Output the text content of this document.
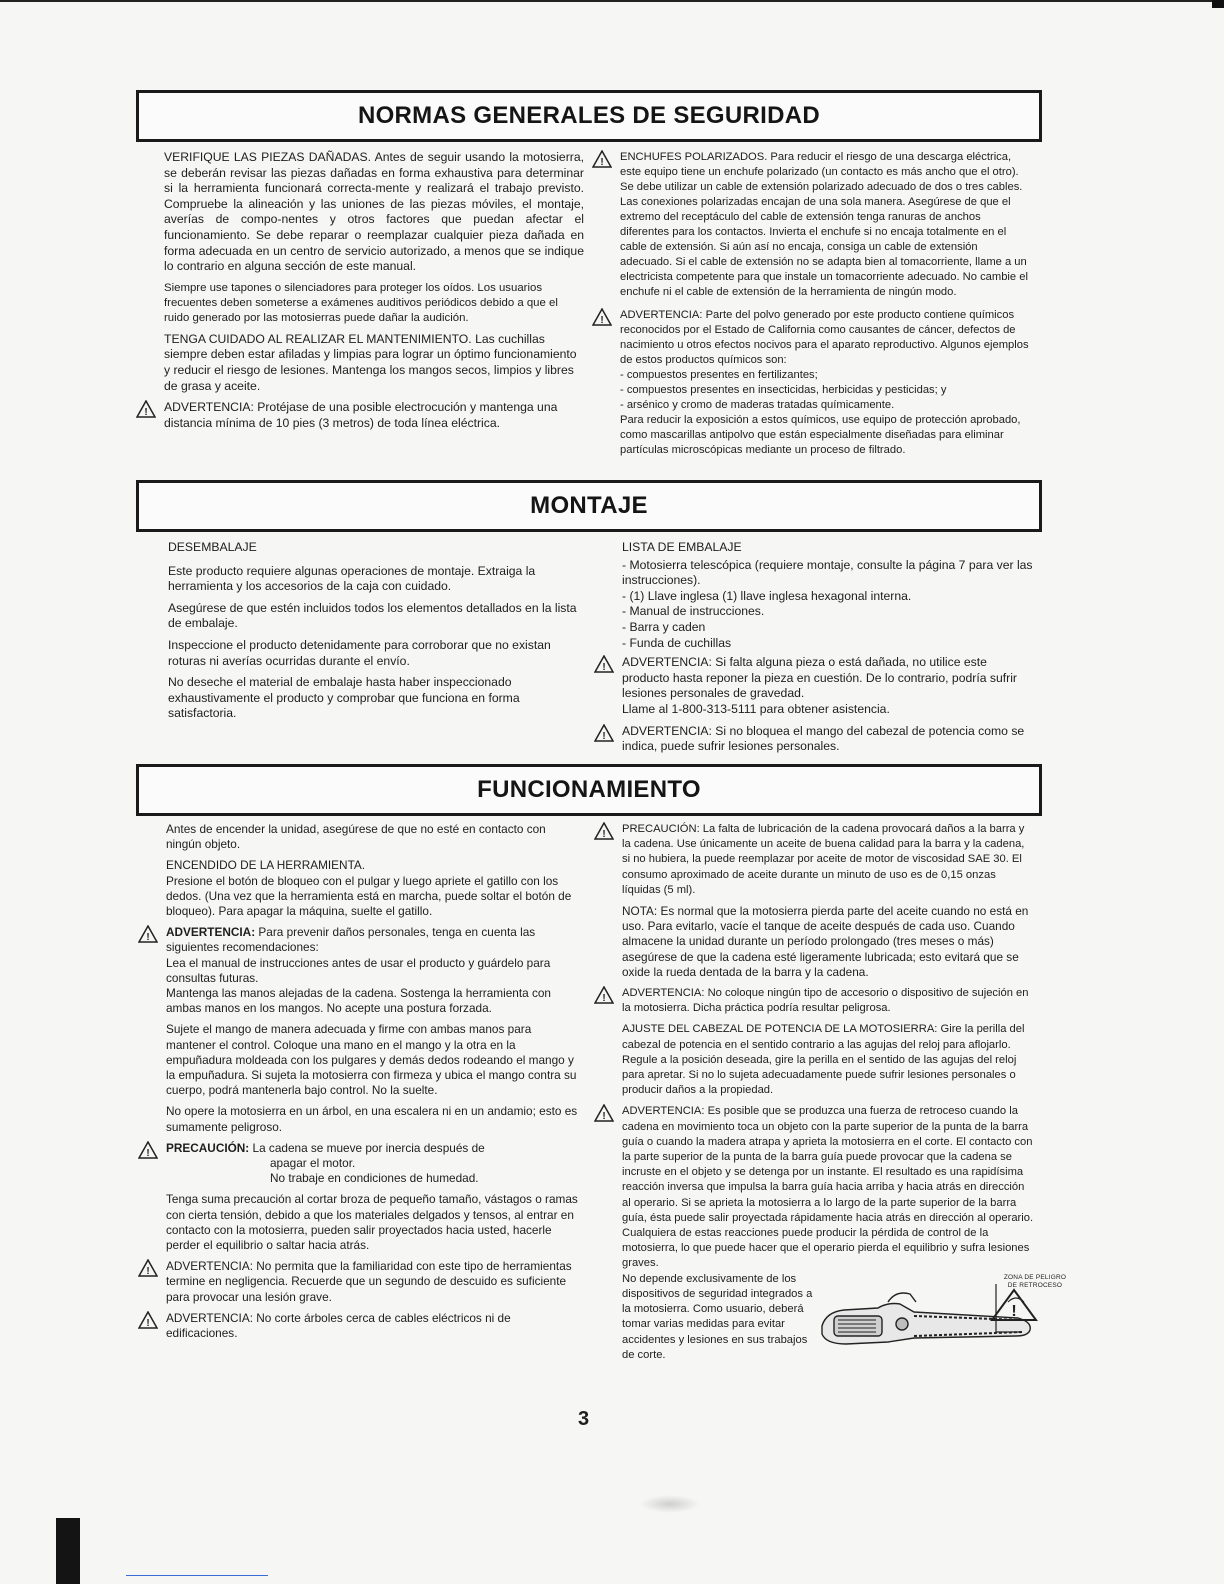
NORMAS GENERALES DE SEGURIDAD

VERIFIQUE LAS PIEZAS DAÑADAS. Antes de seguir usando la motosierra, se deberán revisar las piezas dañadas en forma exhaustiva para determinar si la herramienta funcionará correcta-mente y realizará el trabajo previsto. Compruebe la alineación y las uniones de las piezas móviles, el montaje, averías de compo-nentes y otros factores que puedan afectar el funcionamiento. Se debe reparar o reemplazar cualquier pieza dañada en forma adecuada en un centro de servicio autorizado, a menos que se indique lo contrario en alguna sección de este manual.

Siempre use tapones o silenciadores para proteger los oídos. Los usuarios frecuentes deben someterse a exámenes auditivos periódicos debido a que el ruido generado por las motosierras puede dañar la audición.

TENGA CUIDADO AL REALIZAR EL MANTENIMIENTO. Las cuchillas siempre deben estar afiladas y limpias para lograr un óptimo funcionamiento y reducir el riesgo de lesiones. Mantenga los mangos secos, limpios y libres de grasa y aceite.

! ADVERTENCIA: Protéjase de una posible electrocución y mantenga una distancia mínima de 10 pies (3 metros) de toda línea eléctrica.

! ENCHUFES POLARIZADOS. Para reducir el riesgo de una descarga eléctrica, este equipo tiene un enchufe polarizado (un contacto es más ancho que el otro). Se debe utilizar un cable de extensión polarizado adecuado de dos o tres cables. Las conexiones polarizadas encajan de una sola manera. Asegúrese de que el extremo del receptáculo del cable de extensión tenga ranuras de anchos diferentes para los contactos. Invierta el enchufe si no encaja totalmente en el cable de extensión. Si aún así no encaja, consiga un cable de extensión adecuado. Si el cable de extensión no se adapta bien al tomacorriente, llame a un electricista competente para que instale un tomacorriente adecuado. No cambie el enchufe ni el cable de extensión de la herramienta de ningún modo.

! ADVERTENCIA: Parte del polvo generado por este producto contiene químicos reconocidos por el Estado de California como causantes de cáncer, defectos de nacimiento u otros efectos nocivos para el aparato reproductivo. Algunos ejemplos de estos productos químicos son:

- compuestos presentes en fertilizantes;
- compuestos presentes en insecticidas, herbicidas y pesticidas; y
- arsénico y cromo de maderas tratadas químicamente.

Para reducir la exposición a estos químicos, use equipo de protección aprobado, como mascarillas antipolvo que están especialmente diseñadas para eliminar partículas microscópicas mediante un proceso de filtrado.

MONTAJE

DESEMBALAJE

Este producto requiere algunas operaciones de montaje. Extraiga la herramienta y los accesorios de la caja con cuidado.

Asegúrese de que estén incluidos todos los elementos detallados en la lista de embalaje.

Inspeccione el producto detenidamente para corroborar que no existan roturas ni averías ocurridas durante el envío.

No deseche el material de embalaje hasta haber inspeccionado exhaustivamente el producto y comprobar que funciona en forma satisfactoria.

LISTA DE EMBALAJE

- Motosierra telescópica (requiere montaje, consulte la página 7 para ver las instrucciones).
- (1) Llave inglesa (1) llave inglesa hexagonal interna.
- Manual de instrucciones.
- Barra y caden
- Funda de cuchillas
! ADVERTENCIA: Si falta alguna pieza o está dañada, no utilice este producto hasta reponer la pieza en cuestión. De lo contrario, podría sufrir lesiones personales de gravedad.

Llame al 1-800-313-5111 para obtener asistencia.

! ADVERTENCIA: Si no bloquea el mango del cabezal de potencia como se indica, puede sufrir lesiones personales.

FUNCIONAMIENTO

Antes de encender la unidad, asegúrese de que no esté en contacto con ningún objeto.

ENCENDIDO DE LA HERRAMIENTA.

Presione el botón de bloqueo con el pulgar y luego apriete el gatillo con los dedos. (Una vez que la herramienta está en marcha, puede soltar el botón de bloqueo). Para apagar la máquina, suelte el gatillo.

! ADVERTENCIA: Para prevenir daños personales, tenga en cuenta las siguientes recomendaciones:

Lea el manual de instrucciones antes de usar el producto y guárdelo para consultas futuras.

Mantenga las manos alejadas de la cadena. Sostenga la herramienta con ambas manos en los mangos. No acepte una postura forzada.

Sujete el mango de manera adecuada y firme con ambas manos para mantener el control. Coloque una mano en el mango y la otra en la empuñadura moldeada con los pulgares y demás dedos rodeando el mango y la empuñadura. Si sujeta la motosierra con firmeza y ubica el mango contra su cuerpo, podrá mantenerla bajo control. No la suelte.

No opere la motosierra en un árbol, en una escalera ni en un andamio; esto es sumamente peligroso.

! PRECAUCIÓN: La cadena se mueve por inercia después de

apagar el motor.

No trabaje en condiciones de humedad.

Tenga suma precaución al cortar broza de pequeño tamaño, vástagos o ramas con cierta tensión, debido a que los materiales delgados y tensos, al entrar en contacto con la motosierra, pueden salir proyectados hacia usted, hacerle perder el equilibrio o saltar hacia atrás.

! ADVERTENCIA: No permita que la familiaridad con este tipo de herramientas termine en negligencia. Recuerde que un segundo de descuido es suficiente para provocar una lesión grave.

! ADVERTENCIA: No corte árboles cerca de cables eléctricos ni de edificaciones.

! PRECAUCIÓN: La falta de lubricación de la cadena provocará daños a la barra y la cadena. Use únicamente un aceite de buena calidad para la barra y la cadena, si no hubiera, la puede reemplazar por aceite de motor de viscosidad SAE 30. El consumo aproximado de aceite durante un minuto de uso es de 0,15 onzas líquidas (5 ml).

NOTA: Es normal que la motosierra pierda parte del aceite cuando no está en uso. Para evitarlo, vacíe el tanque de aceite después de cada uso. Cuando almacene la unidad durante un período prolongado (tres meses o más) asegúrese de que la cadena esté ligeramente lubricada; esto evitará que se oxide la rueda dentada de la barra y la cadena.

! ADVERTENCIA: No coloque ningún tipo de accesorio o dispositivo de sujeción en la motosierra. Dicha práctica podría resultar peligrosa.

AJUSTE DEL CABEZAL DE POTENCIA DE LA MOTOSIERRA: Gire la perilla del cabezal de potencia en el sentido contrario a las agujas del reloj para aflojarlo. Regule a la posición deseada, gire la perilla en el sentido de las agujas del reloj para apretar. Si no lo sujeta adecuadamente puede sufrir lesiones personales o producir daños a la propiedad.

! ADVERTENCIA: Es posible que se produzca una fuerza de retroceso cuando la cadena en movimiento toca un objeto con la parte superior de la punta de la barra guía o cuando la madera atrapa y aprieta la motosierra en el corte. El contacto con la parte superior de la punta de la barra guía puede provocar que la cadena se incruste en el objeto y se detenga por un instante. El resultado es una rapidísima reacción inversa que impulsa la barra guía hacia arriba y hacia atrás en dirección al operario. Si se aprieta la motosierra a lo largo de la parte superior de la barra guía, ésta puede salir proyectada rápidamente hacia atrás en dirección al operario. Cualquiera de estas reacciones puede producir la pérdida de control de la motosierra, lo que puede hacer que el operario pierda el equilibrio y sufra lesiones graves.

No depende exclusivamente de los dispositivos de seguridad integrados a la motosierra. Como usuario, deberá tomar varias medidas para evitar accidentes y lesiones en sus trabajos de corte.

ZONA DE PELIGRO DE RETROCESO
!
3
